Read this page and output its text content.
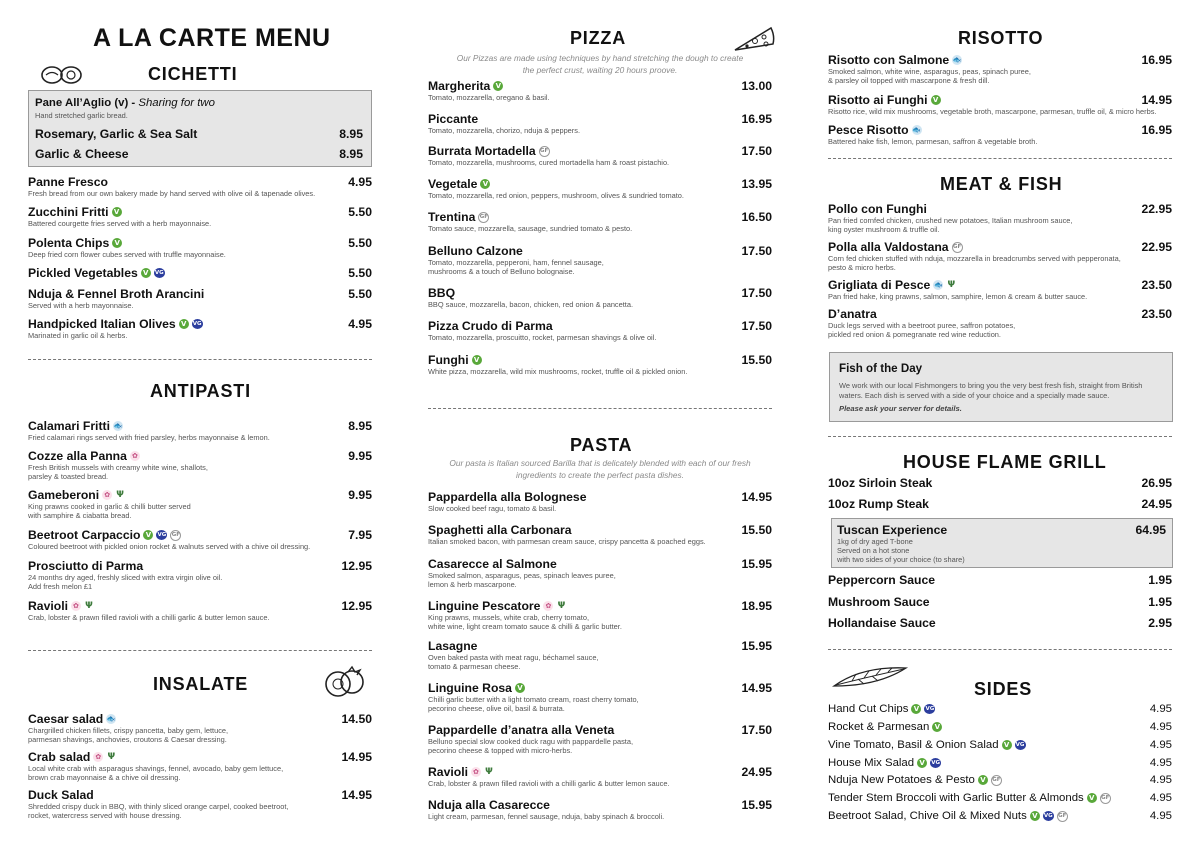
A LA CARTE MENU
CICHETTI
Pane All’Aglio (v) - Sharing for two
Hand stretched garlic bread.
Rosemary, Garlic & Sea Salt	8.95
Garlic & Cheese	8.95
Panne Fresco	4.95
Fresh bread from our own bakery made by hand served with olive oil & tapenade olives.
Zucchini Fritti V	5.50
Battered courgette fries served with a herb mayonnaise.
Polenta Chips V	5.50
Deep fried corn flower cubes served with truffle mayonnaise.
Pickled Vegetables V	VG	5.50
Nduja & Fennel Broth Arancini	5.50
Served with a herb mayonnaise.
Handpicked Italian Olives V	VG	4.95
Marinated in garlic oil & herbs.
ANTIPASTI
Calamari Fritti 🐟	8.95
Fried calamari rings served with fried parsley, herbs mayonnaise & lemon.
Cozze alla Panna ✿	9.95
Fresh British mussels with creamy white wine, shallots,
parsley & toasted bread.
Gameberoni ✿ Ψ	9.95
King prawns cooked in garlic & chilli butter served
with samphire & ciabatta bread.
Beetroot Carpaccio V	VG GF	7.95
Coloured beetroot with pickled onion rocket & walnuts served with a chive oil dressing.
Prosciutto di Parma	12.95
24 months dry aged, freshly sliced with extra virgin olive oil.
Add fresh melon £1
Ravioli ✿ Ψ	12.95
Crab, lobster & prawn filled ravioli with a chilli garlic & butter lemon sauce.
INSALATE
Caesar salad 🐟	14.50
Chargrilled chicken fillets, crispy pancetta, baby gem, lettuce,
parmesan shavings, anchovies, croutons & Caesar dressing.
Crab salad ✿ Ψ	14.95
Local white crab with asparagus shavings, fennel, avocado, baby gem lettuce,
brown crab mayonnaise & a chive oil dressing.
Duck Salad	14.95
Shredded crispy duck in BBQ, with thinly sliced orange carpel, cooked beetroot,
rocket, watercress served with house dressing.
PIZZA
Our Pizzas are made using techniques by hand stretching the dough to create
the perfect crust, waiting 20 hours proove.
Margherita V	13.00
Tomato, mozzarella, oregano & basil.
Piccante	16.95
Tomato, mozzarella, chorizo, nduja & peppers.
Burrata Mortadella GF	17.50
Tomato, mozzarella, mushrooms, cured mortadella ham & roast pistachio.
Vegetale V	13.95
Tomato, mozzarella, red onion, peppers, mushroom, olives & sundried tomato.
Trentina GF	16.50
Tomato sauce, mozzarella, sausage, sundried tomato & pesto.
Belluno Calzone	17.50
Tomato, mozzarella, pepperoni, ham, fennel sausage,
mushrooms & a touch of Belluno bolognaise.
BBQ	17.50
BBQ sauce, mozzarella, bacon, chicken, red onion & pancetta.
Pizza Crudo di Parma	17.50
Tomato, mozzarella, proscuitto, rocket, parmesan shavings & olive oil.
Funghi V	15.50
White pizza, mozzarella, wild mix mushrooms, rocket, truffle oil & pickled onion.
PASTA
Our pasta is Italian sourced Barilla that is delicately blended with each of our fresh
ingredients to create the perfect pasta dishes.
Pappardella alla Bolognese	14.95
Slow cooked beef ragu, tomato & basil.
Spaghetti alla Carbonara	15.50
Italian smoked bacon, with parmesan cream sauce, crispy pancetta & poached eggs.
Casarecce al Salmone	15.95
Smoked salmon, asparagus, peas, spinach leaves puree,
lemon & herb mascarpone.
Linguine Pescatore ✿ Ψ	18.95
King prawns, mussels, white crab, cherry tomato,
white wine, light cream tomato sauce & chilli & garlic butter.
Lasagne	15.95
Oven baked pasta with meat ragu, béchamel sauce,
tomato & parmesan cheese.
Linguine Rosa V	14.95
Chilli garlic butter with a light tomato cream, roast cherry tomato,
pecorino cheese, olive oil, basil & burrata.
Pappardelle d’anatra alla Veneta	17.50
Belluno special slow cooked duck ragu with pappardelle pasta,
pecorino cheese & topped with micro-herbs.
Ravioli ✿ Ψ	24.95
Crab, lobster & prawn filled ravioli with a chilli garlic & butter lemon sauce.
Nduja alla Casarecce	15.95
Light cream, parmesan, fennel sausage, nduja, baby spinach & broccoli.
RISOTTO
Risotto con Salmone 🐟	16.95
Smoked salmon, white wine, asparagus, peas, spinach puree,
& parsley oil topped with mascarpone & fresh dill.
Risotto ai Funghi V	14.95
Risotto rice, wild mix mushrooms, vegetable broth, mascarpone, parmesan, truffle oil, & micro herbs.
Pesce Risotto 🐟	16.95
Battered hake fish, lemon, parmesan, saffron & vegetable broth.
MEAT & FISH
Pollo con Funghi	22.95
Pan fried cornfed chicken, crushed new potatoes, Italian mushroom sauce,
king oyster mushroom & truffle oil.
Polla alla Valdostana GF	22.95
Corn fed chicken stuffed with nduja, mozzarella in breadcrumbs served with pepperonata,
pesto & micro herbs.
Grigliata di Pesce 🐟 Ψ	23.50
Pan fried hake, king prawns, salmon, samphire, lemon & cream & butter sauce.
D’anatra	23.50
Duck legs served with a beetroot puree, saffron potatoes,
pickled red onion & pomegranate red wine reduction.
Fish of the Day
We work with our local Fishmongers to bring you the very best fresh fish, straight from British waters. Each dish is served with a side of your choice and a specially made sauce.
Please ask your server for details.
HOUSE FLAME GRILL
10oz Sirloin Steak	26.95
10oz Rump Steak	24.95
Tuscan Experience	64.95
1kg of dry aged T-bone
Served on a hot stone
with two sides of your choice (to share)
Peppercorn Sauce	1.95
Mushroom Sauce	1.95
Hollandaise Sauce	2.95
SIDES
Hand Cut Chips V	VG	4.95
Rocket & Parmesan V	4.95
Vine Tomato, Basil & Onion Salad V	VG	4.95
House Mix Salad V	VG	4.95
Nduja New Potatoes & Pesto V	GF	4.95
Tender Stem Broccoli with Garlic Butter & Almonds V	GF	4.95
Beetroot Salad, Chive Oil & Mixed Nuts V	VG GF	4.95
